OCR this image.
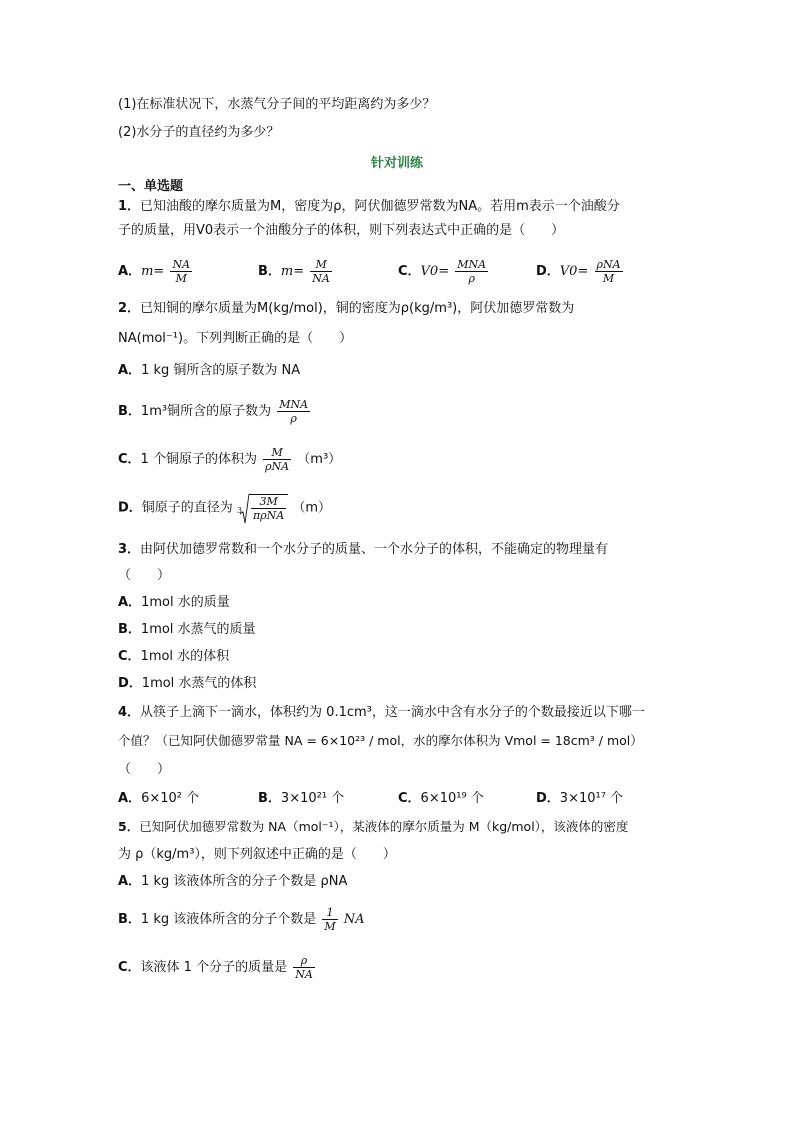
(1)在标准状况下，水蒸气分子间的平均距离约为多少？
(2)水分子的直径约为多少？
针对训练
一、单选题
1．已知油酸的摩尔质量为M，密度为ρ，阿伏伽德罗常数为NA。若用m表示一个油酸分
子的质量，用V0表示一个油酸分子的体积，则下列表达式中正确的是（　　）
A．$m= \frac{NA}{M}$	B．$m= \frac{M}{NA}$	C．$V0= \frac{\text{MNA}}{\rho}$	D．$V0= \frac{\text{ρNA}}{M}$
2．已知铜的摩尔质量为M(kg/mol)，铜的密度为ρ(kg/m³)，阿伏加德罗常数为
NA(mol⁻¹)。下列判断正确的是（　　）
A．1 kg 铜所含的原子数为 NA
B．1m³铜所含的原子数为 $\frac{\text{MNA}}{\rho}$
C．1 个铜原子的体积为 $\frac{M}{\text{ρNA}} (m^3)$
D．铜原子的直径为 $3 \frac{3M}{\text{πρNA}} (m)$
3．由阿伏加德罗常数和一个水分子的质量、一个水分子的体积，不能确定的物理量有
（　　）
A．1mol 水的质量
B．1mol 水蒸气的质量
C．1mol 水的体积
D．1mol 水蒸气的体积
4．从筷子上滴下一滴水，体积约为 0.1cm³，这一滴水中含有水分子的个数最接近以下哪一
个值？（已知阿伏伽德罗常量 NA = 6×10²³ / mol，水的摩尔体积为 Vmol = 18cm³ / mol）
（　　）
A．6×10² 个	B．3×10²¹ 个	C．6×10¹⁹ 个	D．3×10¹⁷ 个
5．已知阿伏加德罗常数为 NA（mol⁻¹），某液体的摩尔质量为 M（kg/mol），该液体的密度
为 ρ（kg/m³），则下列叙述中正确的是（　　）
A．1 kg 该液体所含的分子个数是 ρNA
B．1 kg 该液体所含的分子个数是 $\frac{1}{M}$ NA
C．该液体 1 个分子的质量是 $\frac{\rho}{NA}$
